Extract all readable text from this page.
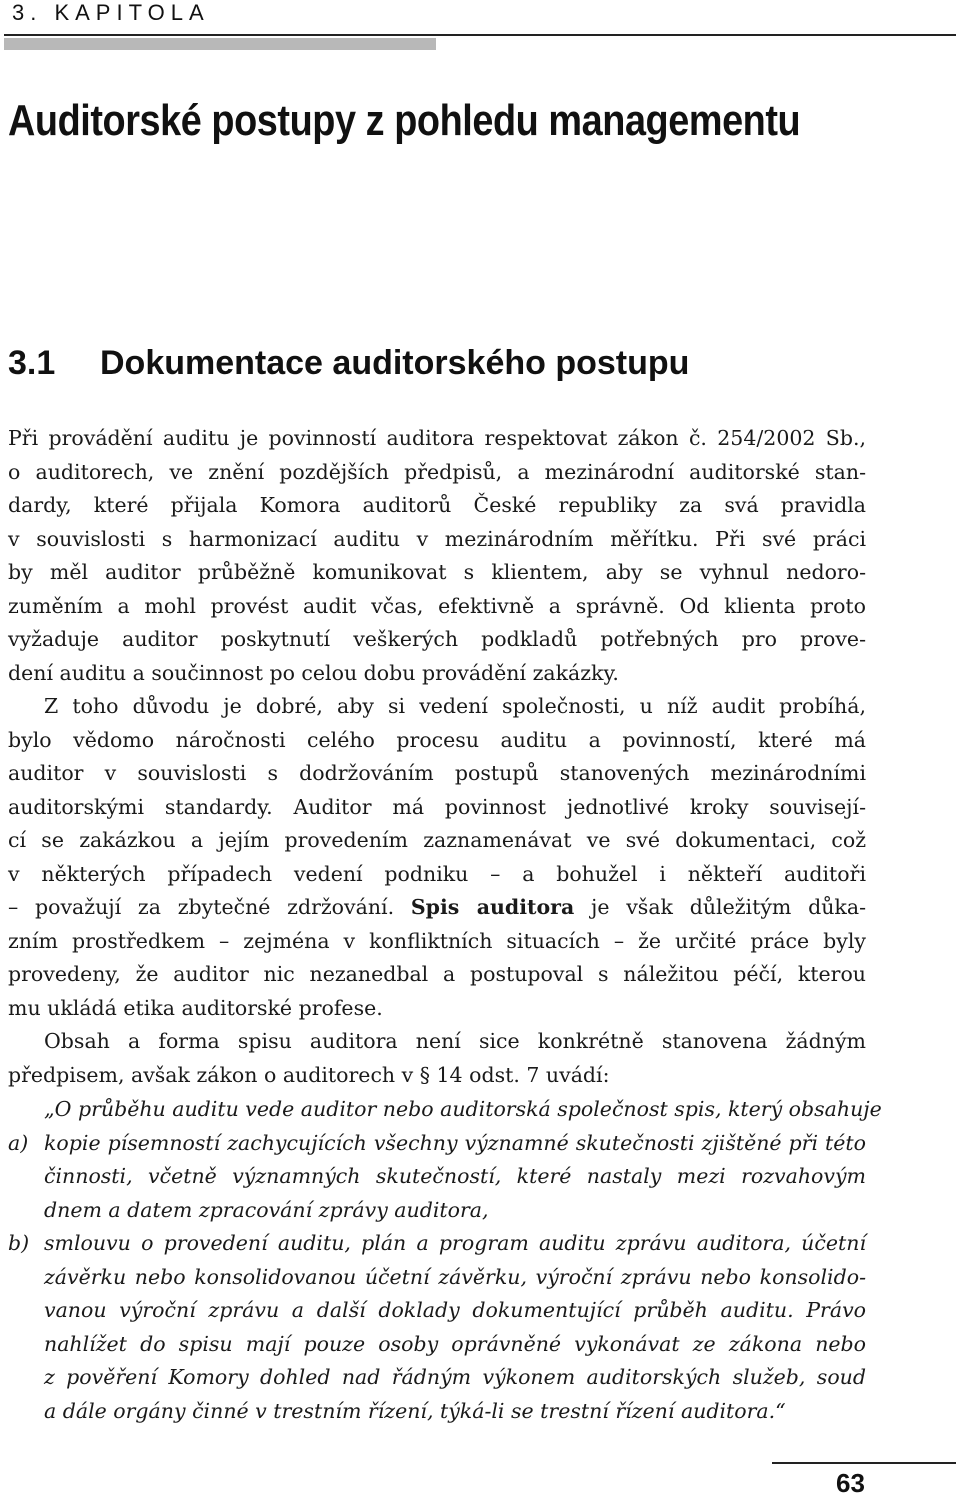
3. KAPITOLA
Auditorské postupy z pohledu managementu
3.1 Dokumentace auditorského postupu
Při provádění auditu je povinností auditora respektovat zákon č. 254/2002 Sb.,
o auditorech, ve znění pozdějších předpisů, a mezinárodní auditorské stan-
dardy, které přijala Komora auditorů České republiky za svá pravidla
v souvislosti s harmonizací auditu v mezinárodním měřítku. Při své práci
by měl auditor průběžně komunikovat s klientem, aby se vyhnul nedoro-
zuměním a mohl provést audit včas, efektivně a správně. Od klienta proto
vyžaduje auditor poskytnutí veškerých podkladů potřebných pro prove-
dení auditu a součinnost po celou dobu provádění zakázky.
Z toho důvodu je dobré, aby si vedení společnosti, u níž audit probíhá,
bylo vědomo náročnosti celého procesu auditu a povinností, které má
auditor v souvislosti s dodržováním postupů stanovených mezinárodními
auditorskými standardy. Auditor má povinnost jednotlivé kroky souvisejí-
cí se zakázkou a jejím provedením zaznamenávat ve své dokumentaci, což
v některých případech vedení podniku – a bohužel i někteří auditoři
– považují za zbytečné zdržování. Spis auditora je však důležitým důka-
zním prostředkem – zejména v konfliktních situacích – že určité práce byly
provedeny, že auditor nic nezanedbal a postupoval s náležitou péčí, kterou
mu ukládá etika auditorské profese.
Obsah a forma spisu auditora není sice konkrétně stanovena žádným
předpisem, avšak zákon o auditorech v § 14 odst. 7 uvádí:
„O průběhu auditu vede auditor nebo auditorská společnost spis, který obsahuje
a) kopie písemností zachycujících všechny významné skutečnosti zjištěné při této
činnosti, včetně významných skutečností, které nastaly mezi rozvahovým
dnem a datem zpracování zprávy auditora,
b) smlouvu o provedení auditu, plán a program auditu zprávu auditora, účetní
závěrku nebo konsolidovanou účetní závěrku, výroční zprávu nebo konsolido-
vanou výroční zprávu a další doklady dokumentující průběh auditu. Právo
nahlížet do spisu mají pouze osoby oprávněné vykonávat ze zákona nebo
z pověření Komory dohled nad řádným výkonem auditorských služeb, soud
a dále orgány činné v trestním řízení, týká-li se trestní řízení auditora.“
63
